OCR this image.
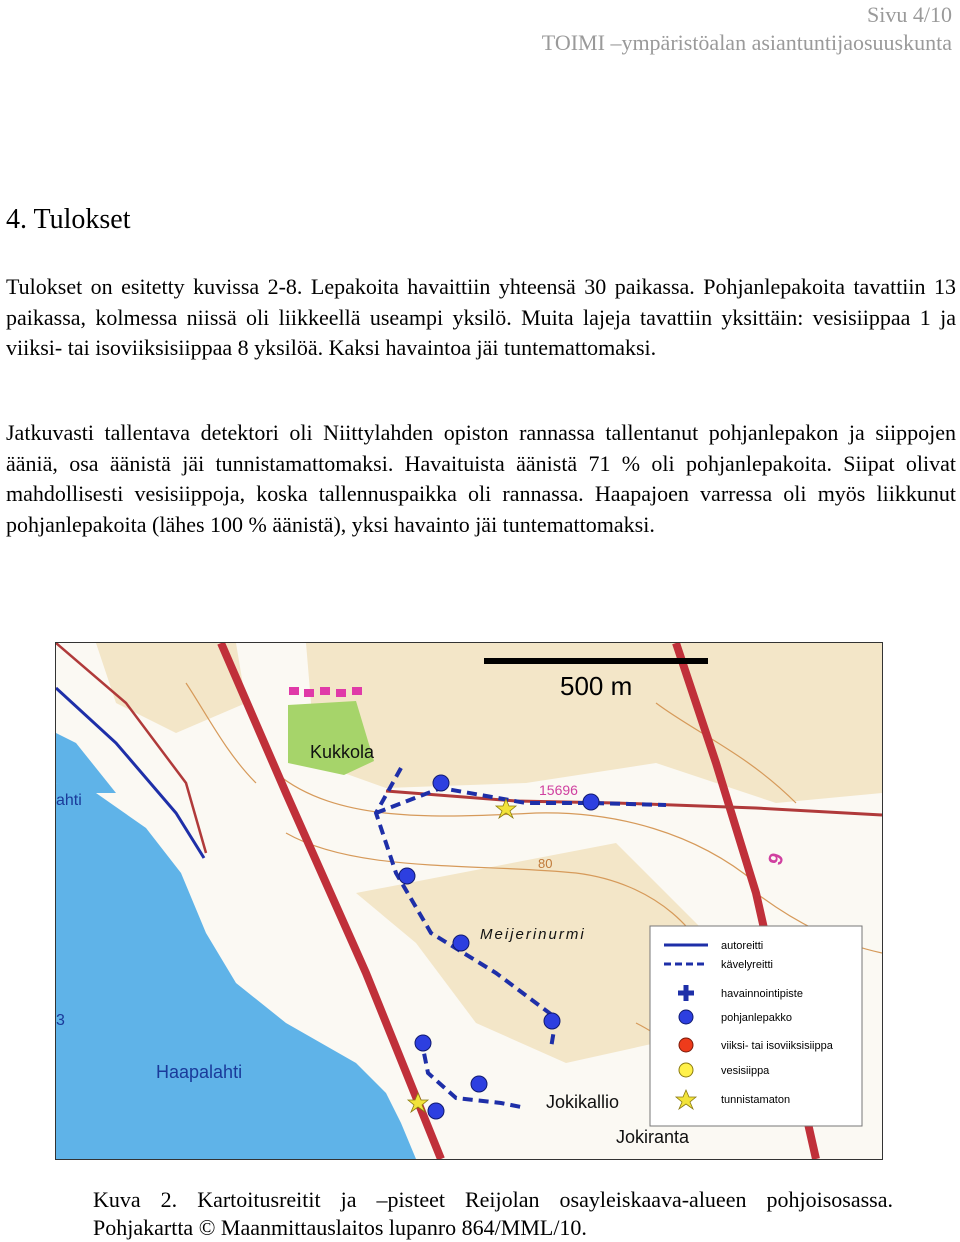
Sivu 4/10
TOIMI –ympäristöalan asiantuntijaosuuskunta
4. Tulokset

Tulokset on esitetty kuvissa 2-8. Lepakoita havaittiin yhteensä 30 paikassa. Pohjanlepakoita tavattiin 13 paikassa, kolmessa niissä oli liikkeellä useampi yksilö. Muita lajeja tavattiin yksittäin: vesisiippaa 1 ja viiksi- tai isoviiksisiippaa 8 yksilöä. Kaksi havaintoa jäi tuntemattomaksi.

Jatkuvasti tallentava detektori oli Niittylahden opiston rannassa tallentanut pohjanlepakon ja siippojen ääniä, osa äänistä jäi tunnistamattomaksi. Havaituista äänistä 71 % oli pohjanlepakoita. Siipat olivat mahdollisesti vesisiippoja, koska tallennuspaikka oli rannassa. Haapajoen varressa oli myös liikkunut pohjanlepakoita (lähes 100 % äänistä), yksi havainto jäi tuntemattomaksi.

500 m
Kukkola
Meijerinurmi
Haapalahti
Jokikallio
Jokiranta
ahti
15696
80	9
3
autoreitti
kävelyreitti
havainnointipiste
pohjanlepakko
viiksi- tai isoviiksisiippa
vesisiippa
tunnistamaton
Kuva 2. Kartoitusreitit ja –pisteet Reijolan osayleiskaava-alueen pohjoisosassa.
Pohjakartta © Maanmittauslaitos lupanro 864/MML/10.
